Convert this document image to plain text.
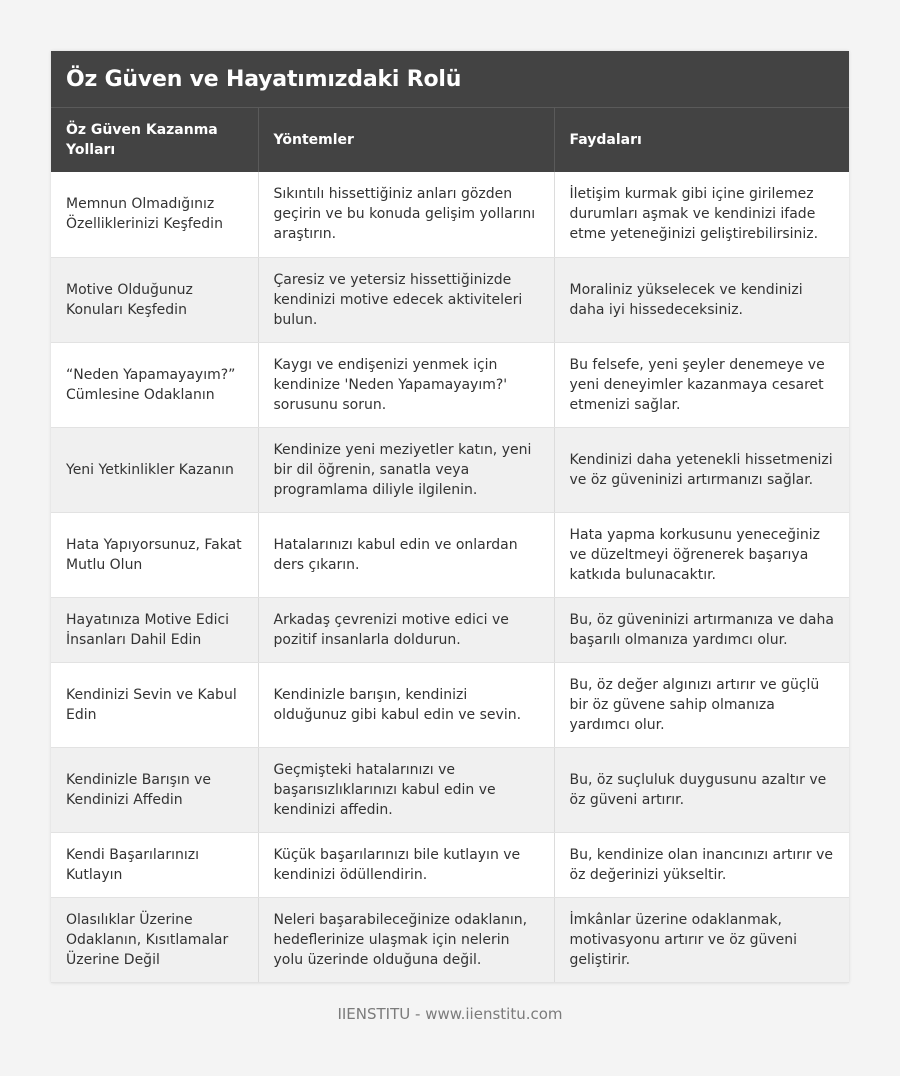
Öz Güven ve Hayatımızdaki Rolü
Öz Güven Kazanma Yolları	Yöntemler	Faydaları
Memnun Olmadığınız Özelliklerinizi Keşfedin	Sıkıntılı hissettiğiniz anları gözden geçirin ve bu konuda gelişim yollarını araştırın.	İletişim kurmak gibi içine girilemez durumları aşmak ve kendinizi ifade etme yeteneğinizi geliştirebilirsiniz.
Motive Olduğunuz Konuları Keşfedin	Çaresiz ve yetersiz hissettiğinizde kendinizi motive edecek aktiviteleri bulun.	Moraliniz yükselecek ve kendinizi daha iyi hissedeceksiniz.
“Neden Yapamayayım?” Cümlesine Odaklanın	Kaygı ve endişenizi yenmek için kendinize 'Neden Yapamayayım?' sorusunu sorun.	Bu felsefe, yeni şeyler denemeye ve yeni deneyimler kazanmaya cesaret etmenizi sağlar.
Yeni Yetkinlikler Kazanın	Kendinize yeni meziyetler katın, yeni bir dil öğrenin, sanatla veya programlama diliyle ilgilenin.	Kendinizi daha yetenekli hissetmenizi ve öz güveninizi artırmanızı sağlar.
Hata Yapıyorsunuz, Fakat Mutlu Olun	Hatalarınızı kabul edin ve onlardan ders çıkarın.	Hata yapma korkusunu yeneceğiniz ve düzeltmeyi öğrenerek başarıya katkıda bulunacaktır.
Hayatınıza Motive Edici İnsanları Dahil Edin	Arkadaş çevrenizi motive edici ve pozitif insanlarla doldurun.	Bu, öz güveninizi artırmanıza ve daha başarılı olmanıza yardımcı olur.
Kendinizi Sevin ve Kabul Edin	Kendinizle barışın, kendinizi olduğunuz gibi kabul edin ve sevin.	Bu, öz değer algınızı artırır ve güçlü bir öz güvene sahip olmanıza yardımcı olur.
Kendinizle Barışın ve Kendinizi Affedin	Geçmişteki hatalarınızı ve başarısızlıklarınızı kabul edin ve kendinizi affedin.	Bu, öz suçluluk duygusunu azaltır ve öz güveni artırır.
Kendi Başarılarınızı Kutlayın	Küçük başarılarınızı bile kutlayın ve kendinizi ödüllendirin.	Bu, kendinize olan inancınızı artırır ve öz değerinizi yükseltir.
Olasılıklar Üzerine Odaklanın, Kısıtlamalar Üzerine Değil	Neleri başarabileceğinize odaklanın, hedeflerinize ulaşmak için nelerin yolu üzerinde olduğuna değil.	İmkânlar üzerine odaklanmak, motivasyonu artırır ve öz güveni geliştirir.
IIENSTITU - www.iienstitu.com
